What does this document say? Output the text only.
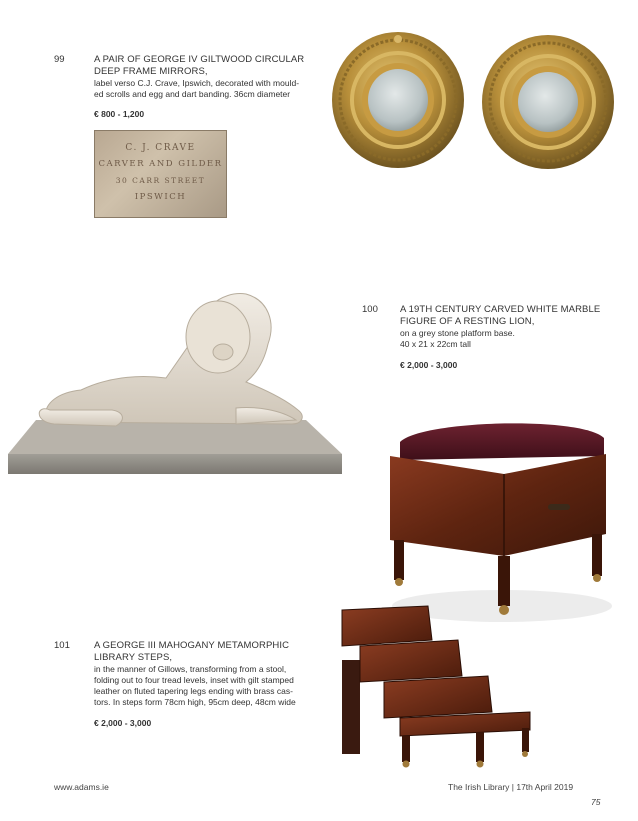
99	A PAIR OF GEORGE IV GILTWOOD CIRCULAR
DEEP FRAME MIRRORS,
label verso C.J. Crave, Ipswich, decorated with mould-
ed scrolls and egg and dart banding. 36cm diameter
€ 800 - 1,200
C. J. CRAVE
CARVER AND GILDER
30 CARR STREET
IPSWICH
100 A 19TH CENTURY CARVED WHITE MARBLE
FIGURE OF A RESTING LION,
on a grey stone platform base.
40 x 21 x 22cm tall
€ 2,000 - 3,000
101	A GEORGE III MAHOGANY METAMORPHIC
LIBRARY STEPS,
in the manner of Gillows, transforming from a stool,
folding out to four tread levels, inset with gilt stamped
leather on fluted tapering legs ending with brass cas-
tors. In steps form 78cm high, 95cm deep, 48cm wide
€ 2,000 - 3,000
www.adams.ie	The Irish Library | 17th April 2019
75
